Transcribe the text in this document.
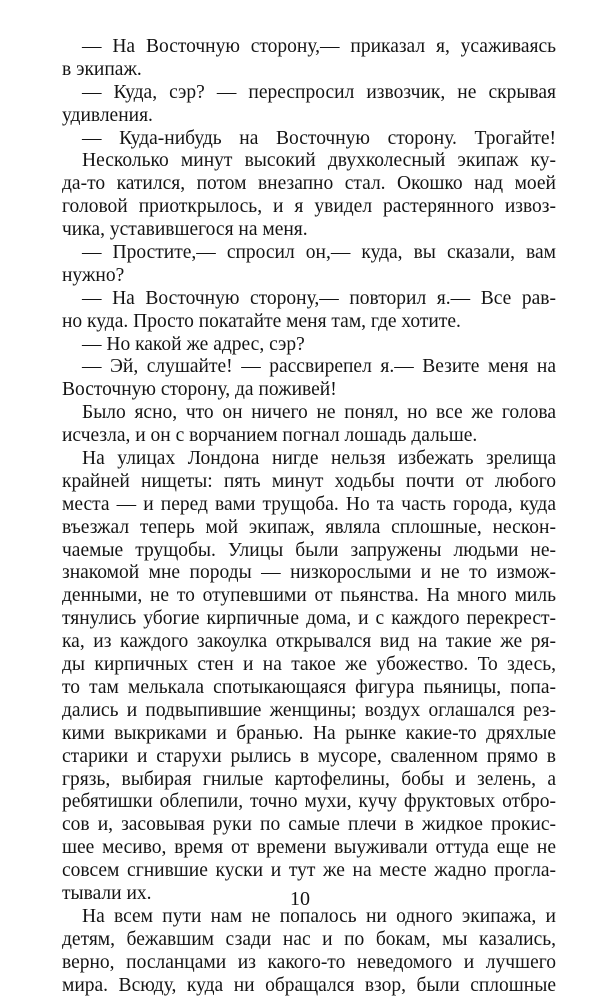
— На Восточную сторону,— приказал я, усаживаясь
в экипаж.
— Куда, сэр? — переспросил извозчик, не скрывая
удивления.
— Куда-нибудь на Восточную сторону. Трогайте!
Несколько минут высокий двухколесный экипаж ку-
да-то катился, потом внезапно стал. Окошко над моей
головой приоткрылось, и я увидел растерянного извоз-
чика, уставившегося на меня.
— Простите,— спросил он,— куда, вы сказали, вам
нужно?
— На Восточную сторону,— повторил я.— Все рав-
но куда. Просто покатайте меня там, где хотите.
— Но какой же адрес, сэр?
— Эй, слушайте! — рассвирепел я.— Везите меня на
Восточную сторону, да поживей!
Было ясно, что он ничего не понял, но все же голова
исчезла, и он с ворчанием погнал лошадь дальше.
На улицах Лондона нигде нельзя избежать зрелища
крайней нищеты: пять минут ходьбы почти от любого
места — и перед вами трущоба. Но та часть города, куда
въезжал теперь мой экипаж, являла сплошные, нескон-
чаемые трущобы. Улицы были запружены людьми не-
знакомой мне породы — низкорослыми и не то измож-
денными, не то отупевшими от пьянства. На много миль
тянулись убогие кирпичные дома, и с каждого перекрест-
ка, из каждого закоулка открывался вид на такие же ря-
ды кирпичных стен и на такое же убожество. То здесь,
то там мелькала спотыкающаяся фигура пьяницы, попа-
дались и подвыпившие женщины; воздух оглашался рез-
кими выкриками и бранью. На рынке какие-то дряхлые
старики и старухи рылись в мусоре, сваленном прямо в
грязь, выбирая гнилые картофелины, бобы и зелень, а
ребятишки облепили, точно мухи, кучу фруктовых отбро-
сов и, засовывая руки по самые плечи в жидкое прокис-
шее месиво, время от времени выуживали оттуда еще не
совсем сгнившие куски и тут же на месте жадно прогла-
тывали их.
На всем пути нам не попалось ни одного экипажа, и
детям, бежавшим сзади нас и по бокам, мы казались,
верно, посланцами из какого-то неведомого и лучшего
мира. Всюду, куда ни обращался взор, были сплошные
10
